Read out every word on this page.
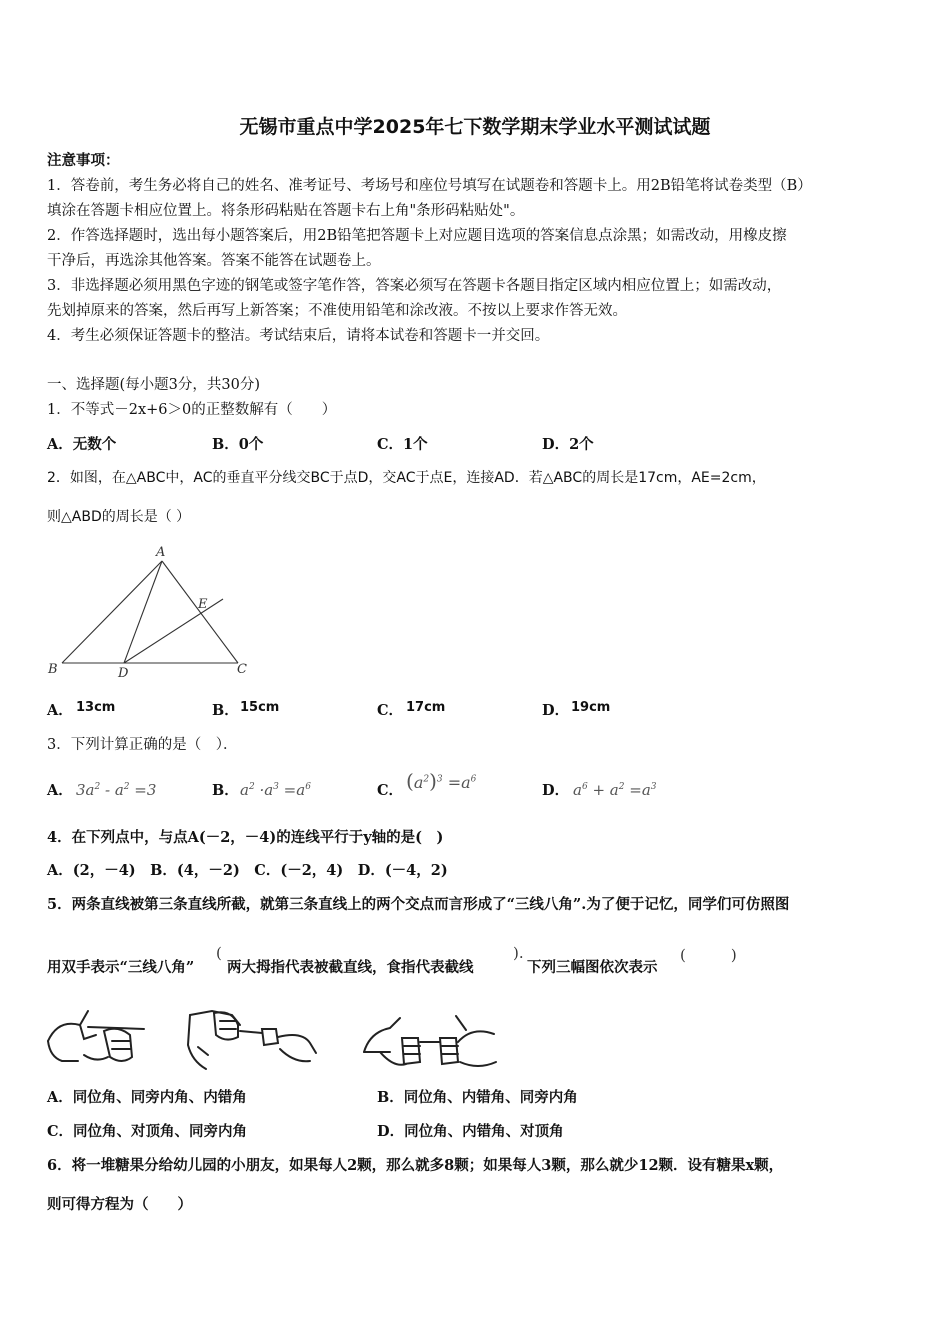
无锡市重点中学2025年七下数学期末学业水平测试试题
注意事项：
1．答卷前，考生务必将自己的姓名、准考证号、考场号和座位号填写在试题卷和答题卡上。用2B铅笔将试卷类型（B）
填涂在答题卡相应位置上。将条形码粘贴在答题卡右上角"条形码粘贴处"。
2．作答选择题时，选出每小题答案后，用2B铅笔把答题卡上对应题目选项的答案信息点涂黑；如需改动，用橡皮擦
干净后，再选涂其他答案。答案不能答在试题卷上。
3．非选择题必须用黑色字迹的钢笔或签字笔作答，答案必须写在答题卡各题目指定区域内相应位置上；如需改动，
先划掉原来的答案，然后再写上新答案；不准使用铅笔和涂改液。不按以上要求作答无效。
4．考生必须保证答题卡的整洁。考试结束后，请将本试卷和答题卡一并交回。
一、选择题(每小题3分，共30分)
1．不等式－2x+6＞0的正整数解有（　　）
A．无数个	B．0个	C．1个	D．2个
2．如图，在△ABC中，AC的垂直平分线交BC于点D，交AC于点E，连接AD．若△ABC的周长是17cm，AE=2cm，
则△ABD的周长是（ ）
A
E
B	D	C
A． 13cm	B． 15cm	C． 17cm	D． 19cm
3．下列计算正确的是（　）．
A． $3a^2 - a^2 =3$	B． $a^2 \cdot a^3 =a^6$	C． $(a^2)^3 =a^6$
D． $a^6 + a^2 =a^3$
4．在下列点中，与点A(－2，－4)的连线平行于y轴的是(　)
A．(2，－4)　B．(4，－2)　C．(－2，4)　D．(－4，2)
5．两条直线被第三条直线所截，就第三条直线上的两个交点而言形成了“三线八角”.为了便于记忆，同学们可仿照图
用双手表示“三线八角”
(
两大拇指代表被截直线，食指代表截线
).
下列三幅图依次表示
(　　　)
A．同位角、同旁内角、内错角	B．同位角、内错角、同旁内角
C．同位角、对顶角、同旁内角	D．同位角、内错角、对顶角
6．将一堆糖果分给幼儿园的小朋友，如果每人2颗，那么就多8颗；如果每人3颗，那么就少12颗．设有糖果x颗，
则可得方程为（　　）
